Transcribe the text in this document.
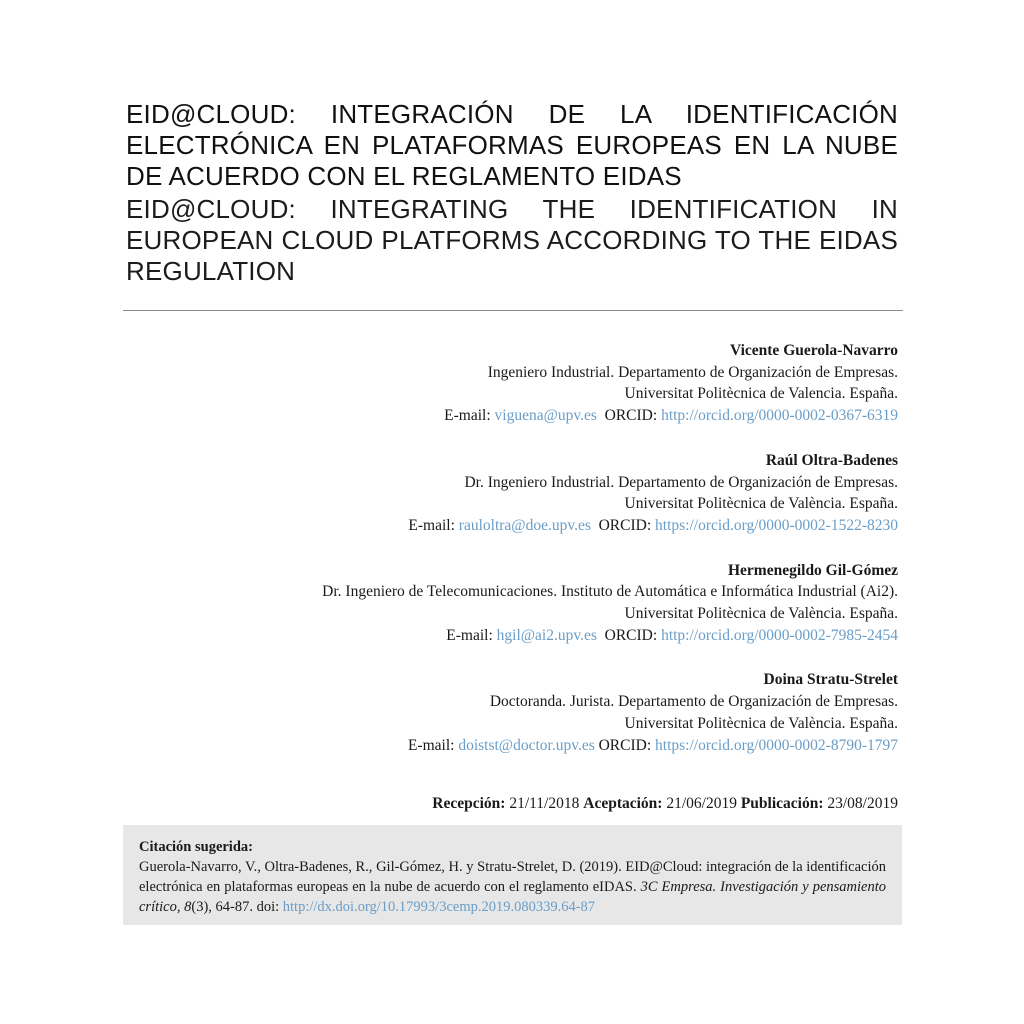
EID@CLOUD: INTEGRACIÓN DE LA IDENTIFICACIÓN ELECTRÓNICA EN PLATAFORMAS EUROPEAS EN LA NUBE DE ACUERDO CON EL REGLAMENTO EIDAS

EID@CLOUD: INTEGRATING THE IDENTIFICATION IN EUROPEAN CLOUD PLATFORMS ACCORDING TO THE EIDAS REGULATION

Vicente Guerola-Navarro
Ingeniero Industrial. Departamento de Organización de Empresas.
Universitat Politècnica de Valencia. España.
E-mail: viguena@upv.es ORCID: http://orcid.org/0000-0002-0367-6319
Raúl Oltra-Badenes
Dr. Ingeniero Industrial. Departamento de Organización de Empresas.
Universitat Politècnica de València. España.
E-mail: rauloltra@doe.upv.es ORCID: https://orcid.org/0000-0002-1522-8230
Hermenegildo Gil-Gómez
Dr. Ingeniero de Telecomunicaciones. Instituto de Automática e Informática Industrial (Ai2).
Universitat Politècnica de València. España.
E-mail: hgil@ai2.upv.es ORCID: http://orcid.org/0000-0002-7985-2454
Doina Stratu-Strelet
Doctoranda. Jurista. Departamento de Organización de Empresas.
Universitat Politècnica de València. España.
E-mail: doistst@doctor.upv.es ORCID: https://orcid.org/0000-0002-8790-1797
Recepción: 21/11/2018 Aceptación: 21/06/2019 Publicación: 23/08/2019
Citación sugerida:
Guerola-Navarro, V., Oltra-Badenes, R., Gil-Gómez, H. y Stratu-Strelet, D. (2019). EID@Cloud: integración de la identificación electrónica en plataformas europeas en la nube de acuerdo con el reglamento eIDAS. 3C Empresa. Investigación y pensamiento crítico, 8(3), 64-87. doi: http://dx.doi.org/10.17993/3cemp.2019.080339.64-87
